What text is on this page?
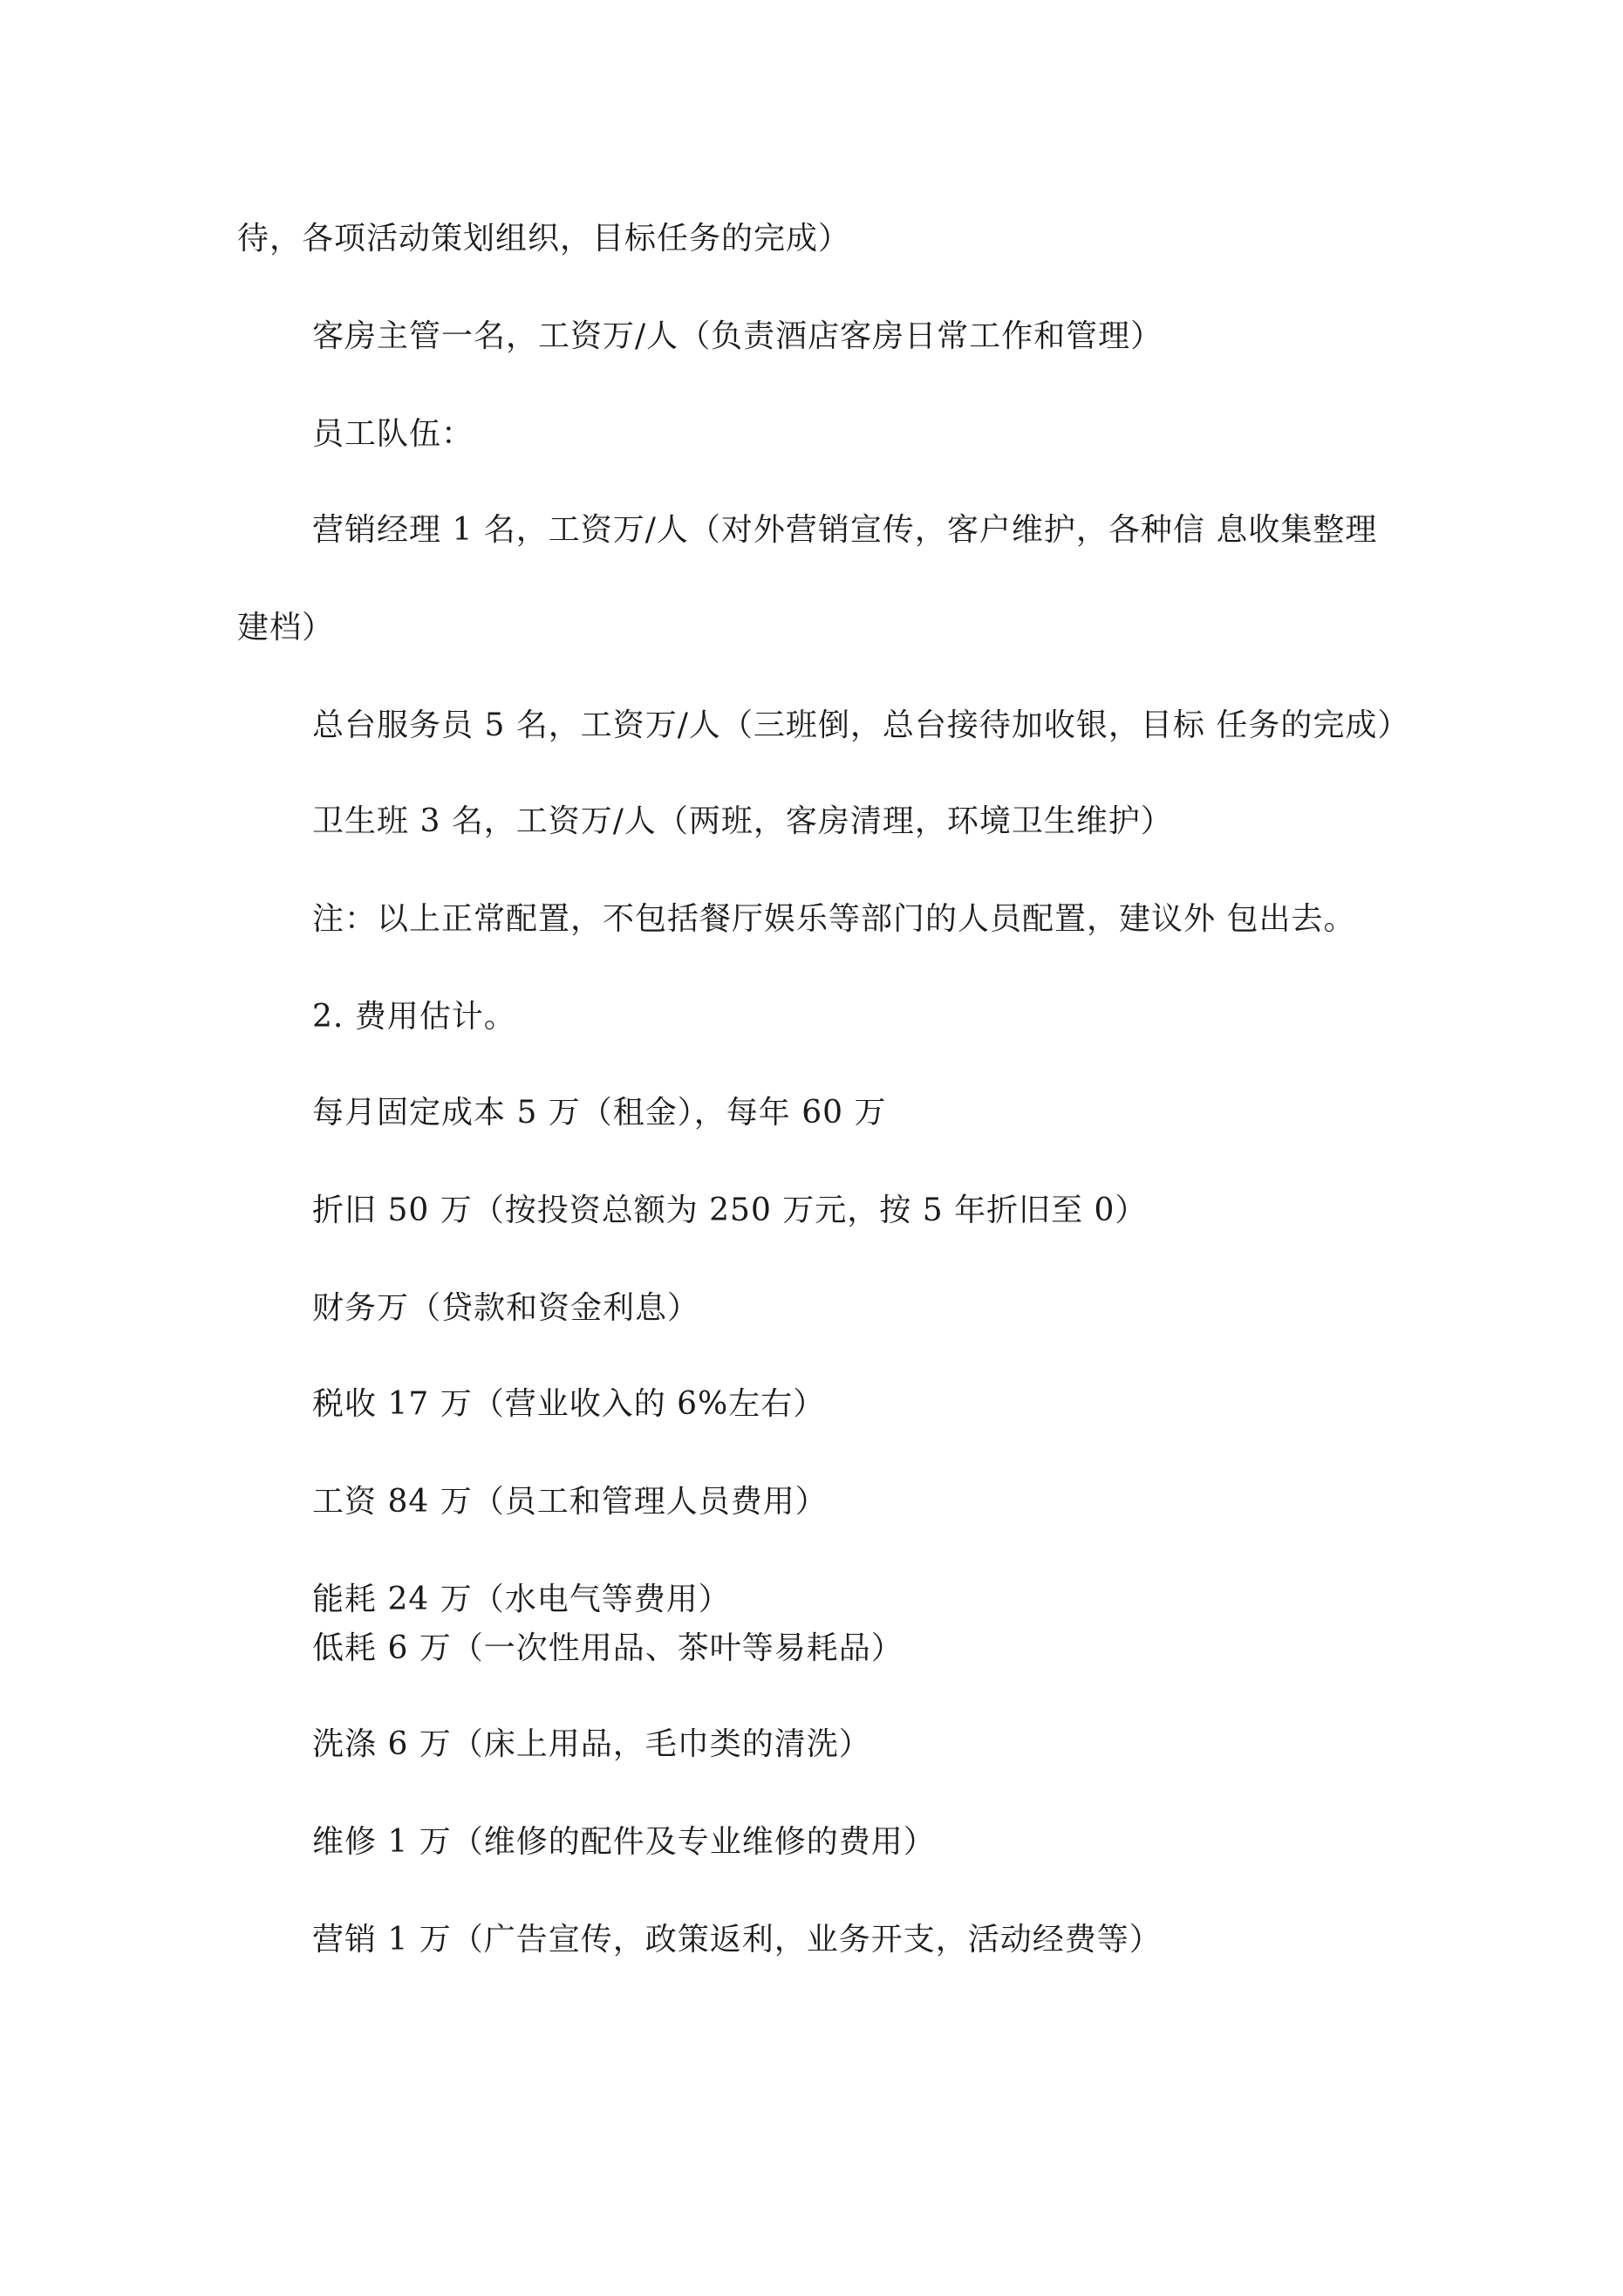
待，各项活动策划组织，目标任务的完成）
客房主管一名，工资万/人（负责酒店客房日常工作和管理）
员工队伍：
营销经理 1 名，工资万/人（对外营销宣传，客户维护，各种信 息收集整理
建档）
总台服务员 5 名，工资万/人（三班倒，总台接待加收银，目标 任务的完成）
卫生班 3 名，工资万/人（两班，客房清理，环境卫生维护）
注：以上正常配置，不包括餐厅娱乐等部门的人员配置，建议外 包出去。
2. 费用估计。
每月固定成本 5 万（租金），每年 60 万
折旧 50 万（按投资总额为 250 万元，按 5 年折旧至 0）
财务万（贷款和资金利息）
税收 17 万（营业收入的 6%左右）
工资 84 万（员工和管理人员费用）
能耗 24 万（水电气等费用）
低耗 6 万（一次性用品、茶叶等易耗品）
洗涤 6 万（床上用品，毛巾类的清洗）
维修 1 万（维修的配件及专业维修的费用）
营销 1 万（广告宣传，政策返利，业务开支，活动经费等）
